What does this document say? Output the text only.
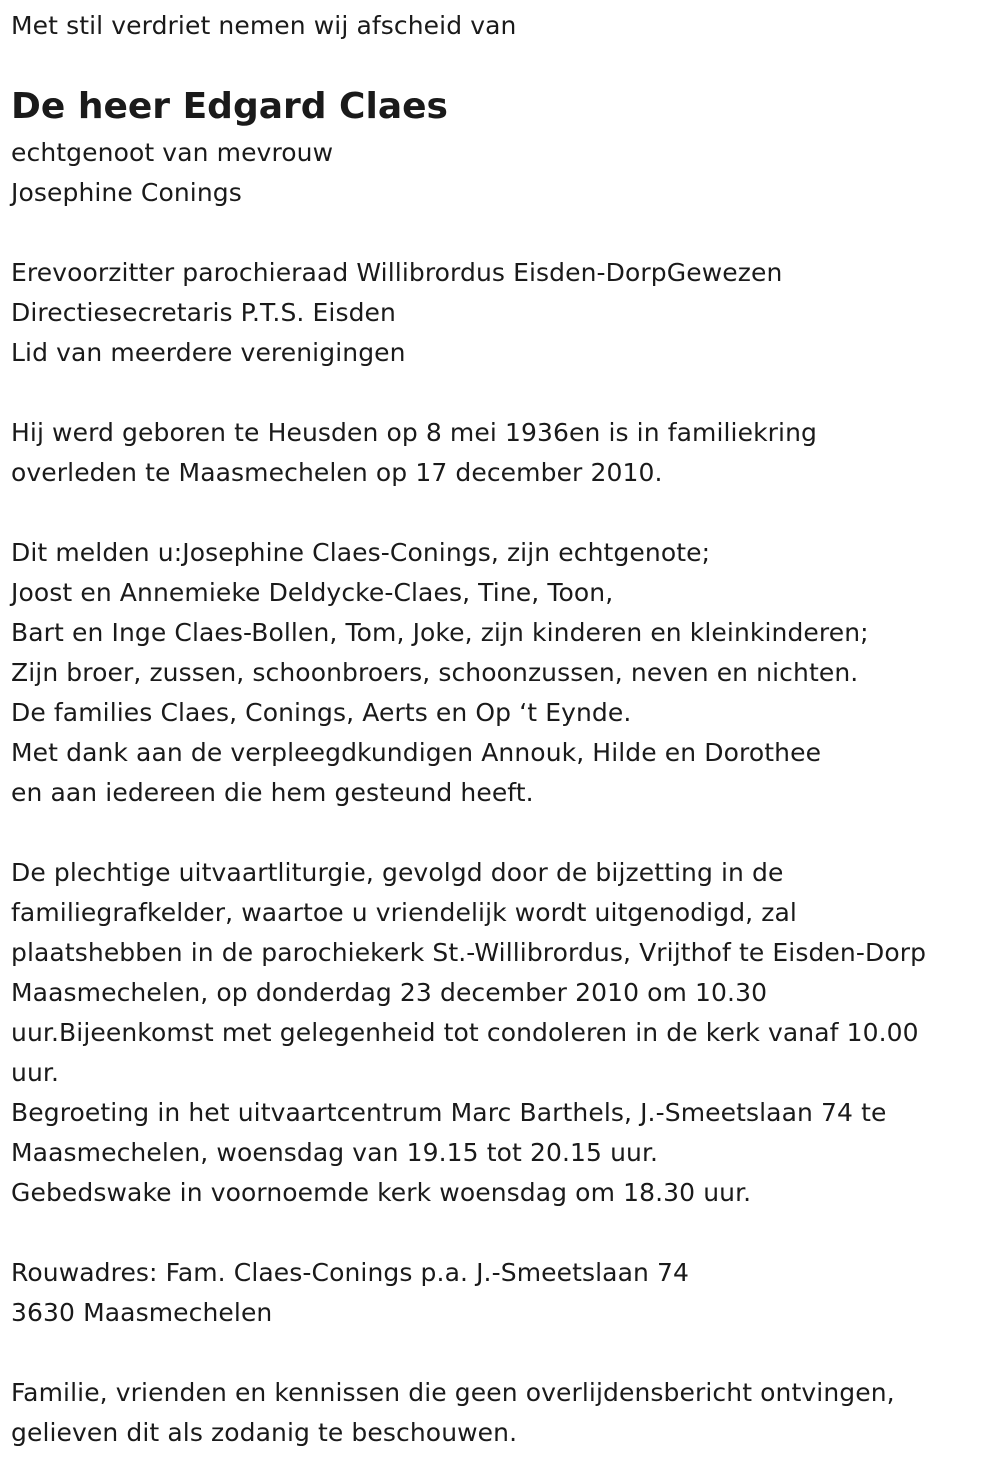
Met stil verdriet nemen wij afscheid van
De heer Edgard Claes
echtgenoot van mevrouw
Josephine Conings
Erevoorzitter parochieraad Willibrordus Eisden-DorpGewezen
Directiesecretaris P.T.S. Eisden
Lid van meerdere verenigingen
Hij werd geboren te Heusden op 8 mei 1936en is in familiekring
overleden te Maasmechelen op 17 december 2010.
Dit melden u:Josephine Claes-Conings, zijn echtgenote;
Joost en Annemieke Deldycke-Claes, Tine, Toon,
Bart en Inge Claes-Bollen, Tom, Joke, zijn kinderen en kleinkinderen;
Zijn broer, zussen, schoonbroers, schoonzussen, neven en nichten.
De families Claes, Conings, Aerts en Op ‘t Eynde.
Met dank aan de verpleegdkundigen Annouk, Hilde en Dorothee
en aan iedereen die hem gesteund heeft.
De plechtige uitvaartliturgie, gevolgd door de bijzetting in de
familiegrafkelder, waartoe u vriendelijk wordt uitgenodigd, zal
plaatshebben in de parochiekerk St.-Willibrordus, Vrijthof te Eisden-Dorp
Maasmechelen, op donderdag 23 december 2010 om 10.30
uur.Bijeenkomst met gelegenheid tot condoleren in de kerk vanaf 10.00
uur.
Begroeting in het uitvaartcentrum Marc Barthels, J.-Smeetslaan 74 te
Maasmechelen, woensdag van 19.15 tot 20.15 uur.
Gebedswake in voornoemde kerk woensdag om 18.30 uur.
Rouwadres: Fam. Claes-Conings p.a. J.-Smeetslaan 74
3630 Maasmechelen
Familie, vrienden en kennissen die geen overlijdensbericht ontvingen,
gelieven dit als zodanig te beschouwen.
